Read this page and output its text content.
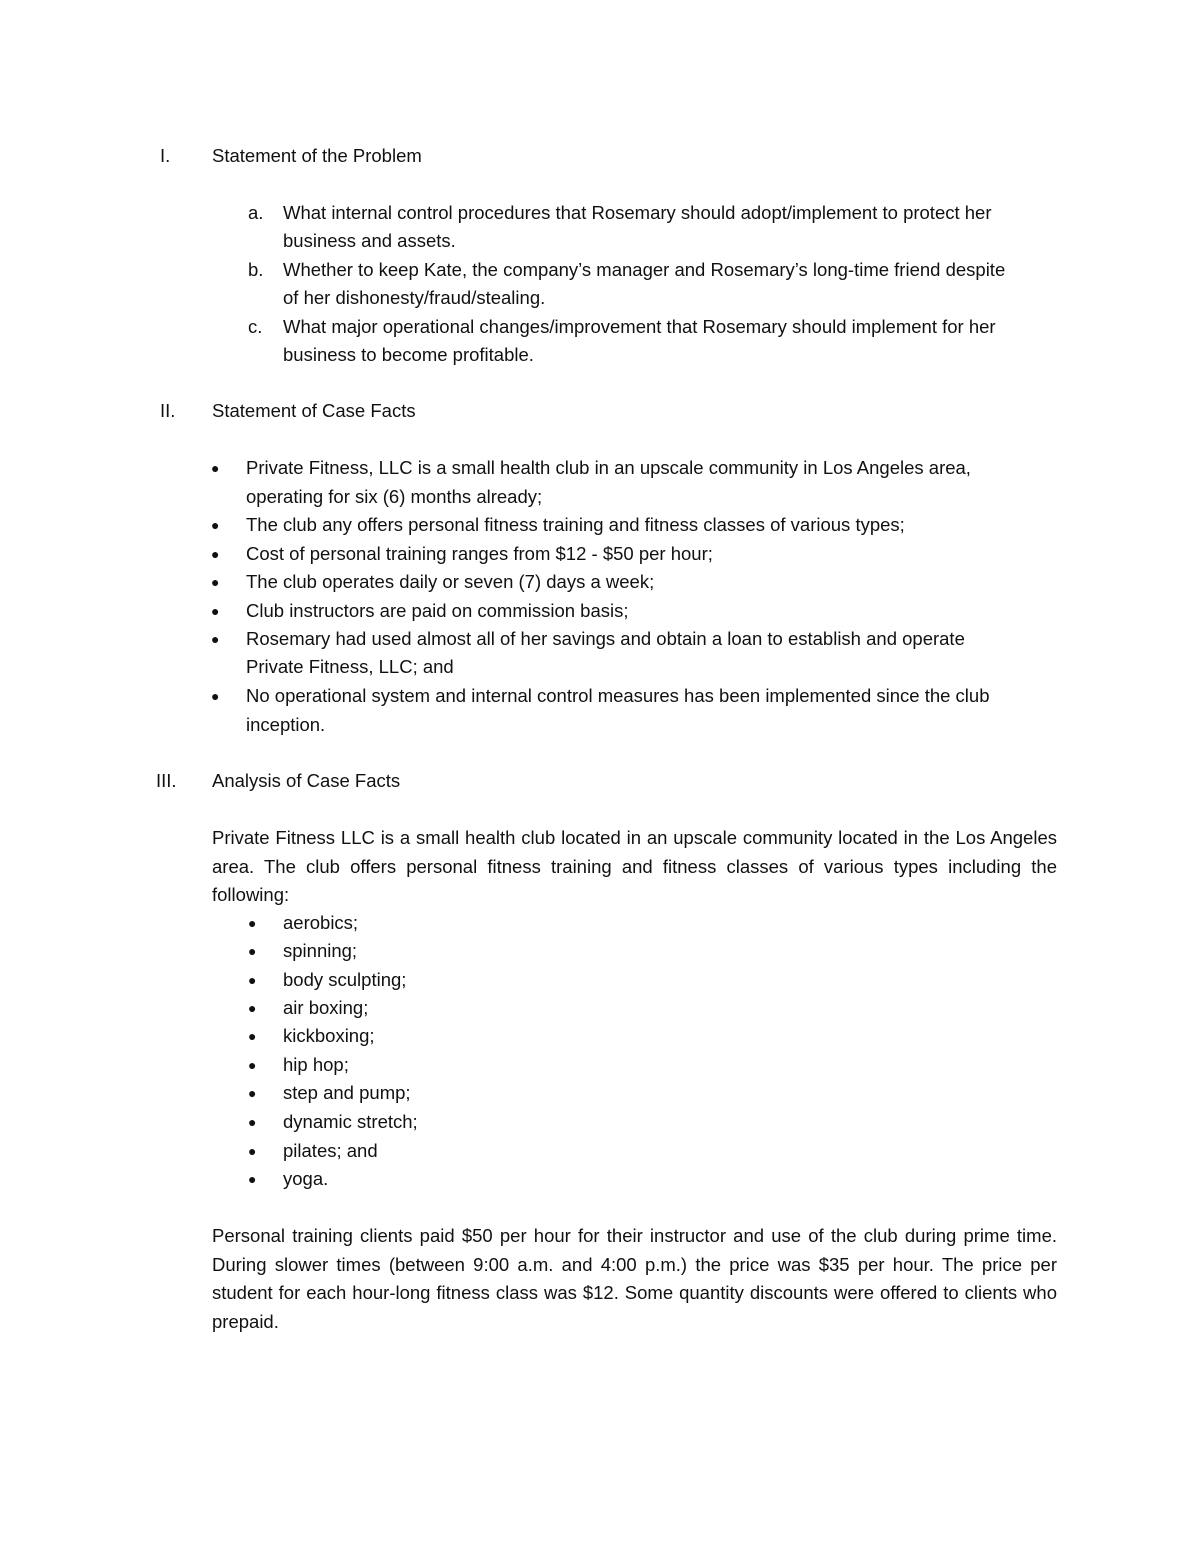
I. Statement of the Problem
a. What internal control procedures that Rosemary should adopt/implement to protect her
business and assets.
b. Whether to keep Kate, the company’s manager and Rosemary’s long-time friend despite
of her dishonesty/fraud/stealing.
c. What major operational changes/improvement that Rosemary should implement for her
business to become profitable.
II. Statement of Case Facts
● Private Fitness, LLC is a small health club in an upscale community in Los Angeles area,
operating for six (6) months already;
● The club any offers personal fitness training and fitness classes of various types;
● Cost of personal training ranges from $12 - $50 per hour;
● The club operates daily or seven (7) days a week;
● Club instructors are paid on commission basis;
● Rosemary had used almost all of her savings and obtain a loan to establish and operate
Private Fitness, LLC; and
● No operational system and internal control measures has been implemented since the club
inception.
III. Analysis of Case Facts
Private Fitness LLC is a small health club located in an upscale community located in the Los Angeles area. The club offers personal fitness training and fitness classes of various types including the following:
● aerobics;
● spinning;
● body sculpting;
● air boxing;
● kickboxing;
● hip hop;
● step and pump;
● dynamic stretch;
● pilates; and
● yoga.
Personal training clients paid $50 per hour for their instructor and use of the club during prime time. During slower times (between 9:00 a.m. and 4:00 p.m.) the price was $35 per hour. The price per student for each hour-long fitness class was $12. Some quantity discounts were offered to clients who prepaid.
